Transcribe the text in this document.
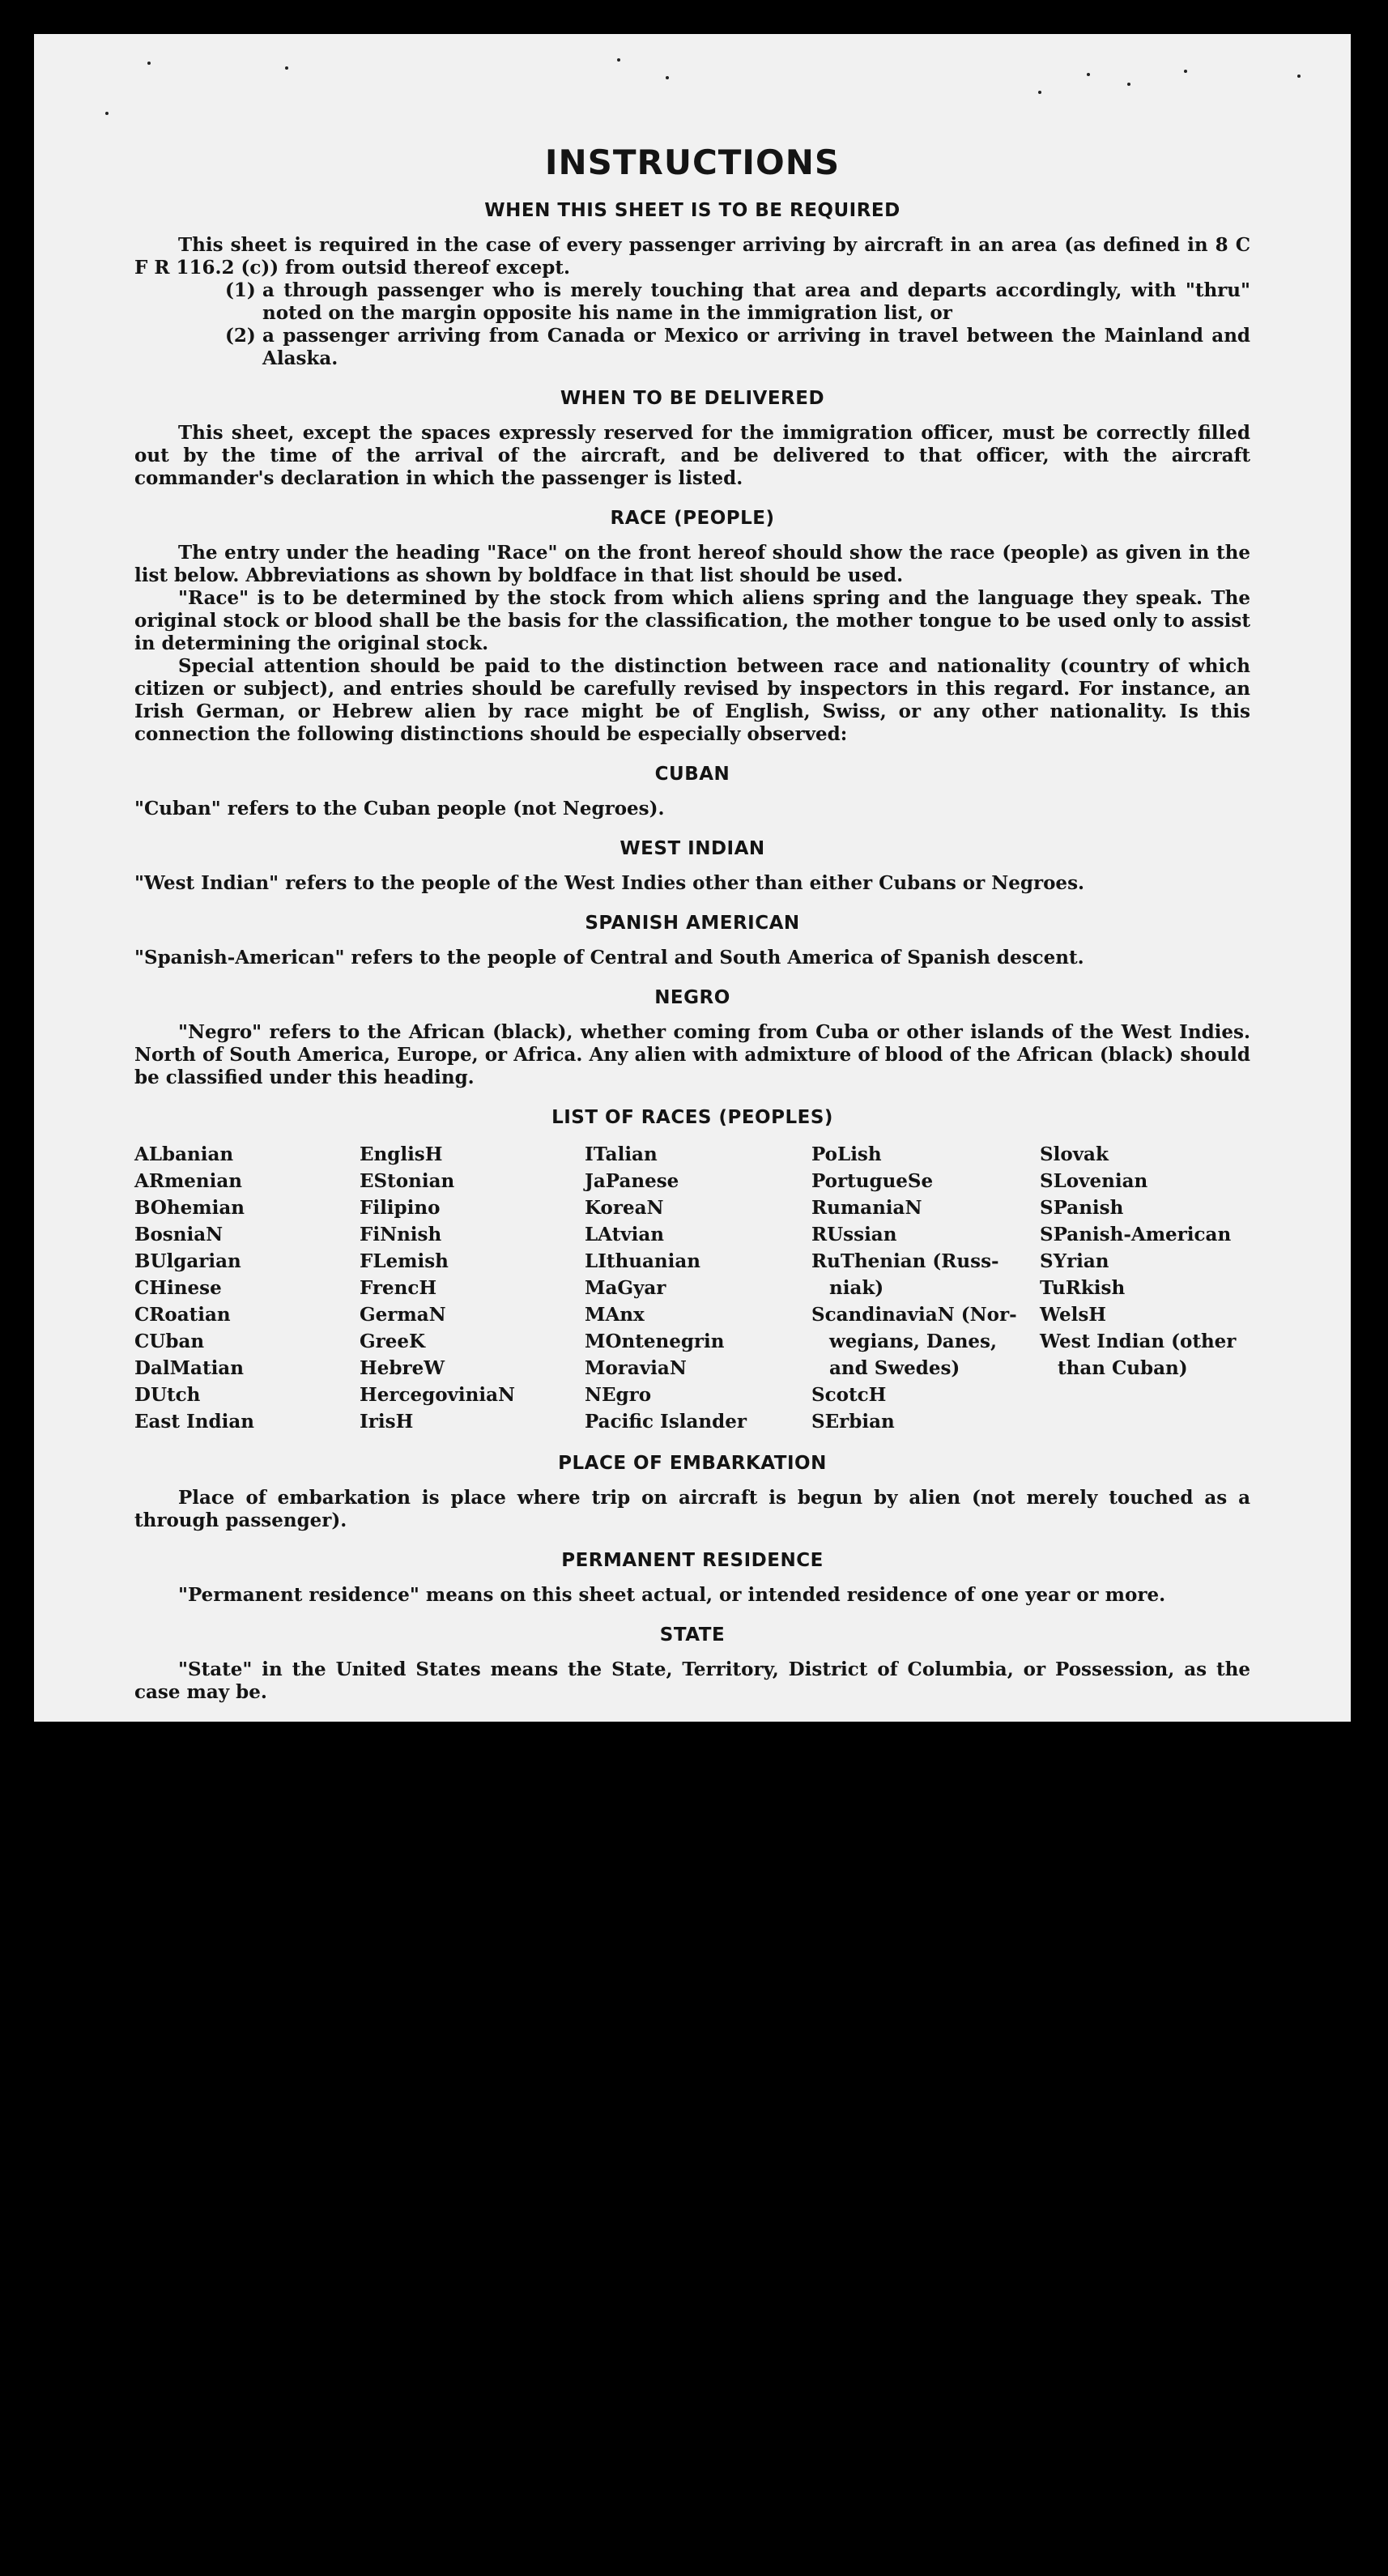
INSTRUCTIONS
WHEN THIS SHEET IS TO BE REQUIRED

This sheet is required in the case of every passenger arriving by aircraft in an area (as defined in 8 C F R 116.2 (c)) from outsid thereof except.

(1) a through passenger who is merely touching that area and departs accordingly, with "thru" noted on the margin opposite his name in the immigration list, or
(2) a passenger arriving from Canada or Mexico or arriving in travel between the Mainland and Alaska.
WHEN TO BE DELIVERED

This sheet, except the spaces expressly reserved for the immigration officer, must be correctly filled out by the time of the arrival of the aircraft, and be delivered to that officer, with the aircraft commander's declaration in which the passenger is listed.

RACE (PEOPLE)

The entry under the heading "Race" on the front hereof should show the race (people) as given in the list below. Abbreviations as shown by boldface in that list should be used.

"Race" is to be determined by the stock from which aliens spring and the language they speak. The original stock or blood shall be the basis for the classification, the mother tongue to be used only to assist in determining the original stock.

Special attention should be paid to the distinction between race and nationality (country of which citizen or subject), and entries should be carefully revised by inspectors in this regard. For instance, an Irish German, or Hebrew alien by race might be of English, Swiss, or any other nationality. Is this connection the following distinctions should be especially observed:

CUBAN

"Cuban" refers to the Cuban people (not Negroes).

WEST INDIAN

"West Indian" refers to the people of the West Indies other than either Cubans or Negroes.

SPANISH AMERICAN

"Spanish-American" refers to the people of Central and South America of Spanish descent.

NEGRO

"Negro" refers to the African (black), whether coming from Cuba or other islands of the West Indies. North of South America, Europe, or Africa. Any alien with admixture of blood of the African (black) should be classified under this heading.

LIST OF RACES (PEOPLES)
ALbanian
ARmenian
BOhemian
BosniaN
BUlgarian
CHinese
CRoatian
CUban
DalMatian
DUtch
East Indian
EnglisH
EStonian
Filipino
FiNnish
FLemish
FrencH
GermaN
GreeK
HebreW
HercegoviniaN
IrisH
ITalian
JaPanese
KoreaN
LAtvian
LIthuanian
MaGyar
MAnx
MOntenegrin
MoraviaN
NEgro
Pacific Islander
PoLish
PortugueSe
RumaniaN
RUssian
RuThenian (Russ-
niak)
ScandinaviaN (Nor-
wegians, Danes,
and Swedes)
ScotcH
SErbian
Slovak
SLovenian
SPanish
SPanish-American
SYrian
TuRkish
WelsH
West Indian (other
than Cuban)
PLACE OF EMBARKATION

Place of embarkation is place where trip on aircraft is begun by alien (not merely touched as a through passenger).

PERMANENT RESIDENCE

"Permanent residence" means on this sheet actual, or intended residence of one year or more.

STATE

"State" in the United States means the State, Territory, District of Columbia, or Possession, as the case may be.
